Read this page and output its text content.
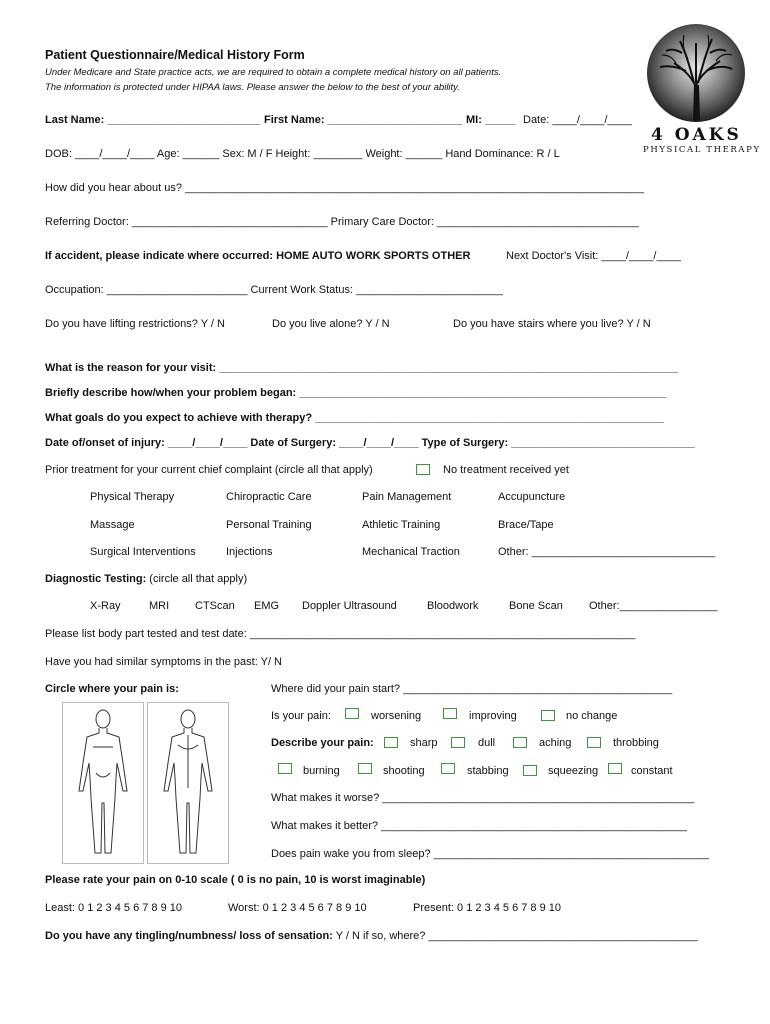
Patient Questionnaire/Medical History Form
Under Medicare and State practice acts, we are required to obtain a complete medical history on all patients.
The information is protected under HIPAA laws. Please answer the below to the best of your ability.
4 OAKS
PHYSICAL THERAPY
Last Name: _________________________ First Name: ______________________ MI: _____ Date: ____/____/____
DOB: ____/____/____ Age: ______ Sex: M / F Height: ________ Weight: ______ Hand Dominance: R / L
How did you hear about us? ___________________________________________________________________________
Referring Doctor: ________________________________ Primary Care Doctor: _________________________________
If accident, please indicate where occurred: HOME AUTO WORK SPORTS OTHER	Next Doctor's Visit: ____/____/____
Occupation: _______________________ Current Work Status: ________________________
Do you have lifting restrictions? Y / N	Do you live alone? Y / N	Do you have stairs where you live? Y / N
What is the reason for your visit: ___________________________________________________________________________
Briefly describe how/when your problem began: ____________________________________________________________
What goals do you expect to achieve with therapy? _________________________________________________________
Date of/onset of injury: ____/____/____ Date of Surgery: ____/____/____ Type of Surgery: ______________________________
Prior treatment for your current chief complaint (circle all that apply)	No treatment received yet
Physical Therapy	Chiropractic Care	Pain Management	Accupuncture
Massage	Personal Training	Athletic Training	Brace/Tape
Surgical Interventions	Injections	Mechanical Traction	Other: ______________________________
Diagnostic Testing: (circle all that apply)
X-Ray	MRI CTScan EMG Doppler Ultrasound	Bloodwork	Bone Scan Other:________________
Please list body part tested and test date: _______________________________________________________________
Have you had similar symptoms in the past: Y/ N
Circle where your pain is:	Where did your pain start? ____________________________________________
Is your pain:	worsening	improving	no change
Describe your pain:	sharp	dull	aching	throbbing
burning	shooting	stabbing	squeezing	constant
What makes it worse? ___________________________________________________
What makes it better? __________________________________________________
Does pain wake you from sleep? _____________________________________________
Please rate your pain on 0-10 scale ( 0 is no pain, 10 is worst imaginable)
Least: 0 1 2 3 4 5 6 7 8 9 10	Worst: 0 1 2 3 4 5 6 7 8 9 10	Present: 0 1 2 3 4 5 6 7 8 9 10
Do you have any tingling/numbness/ loss of sensation: Y / N if so, where? ____________________________________________
